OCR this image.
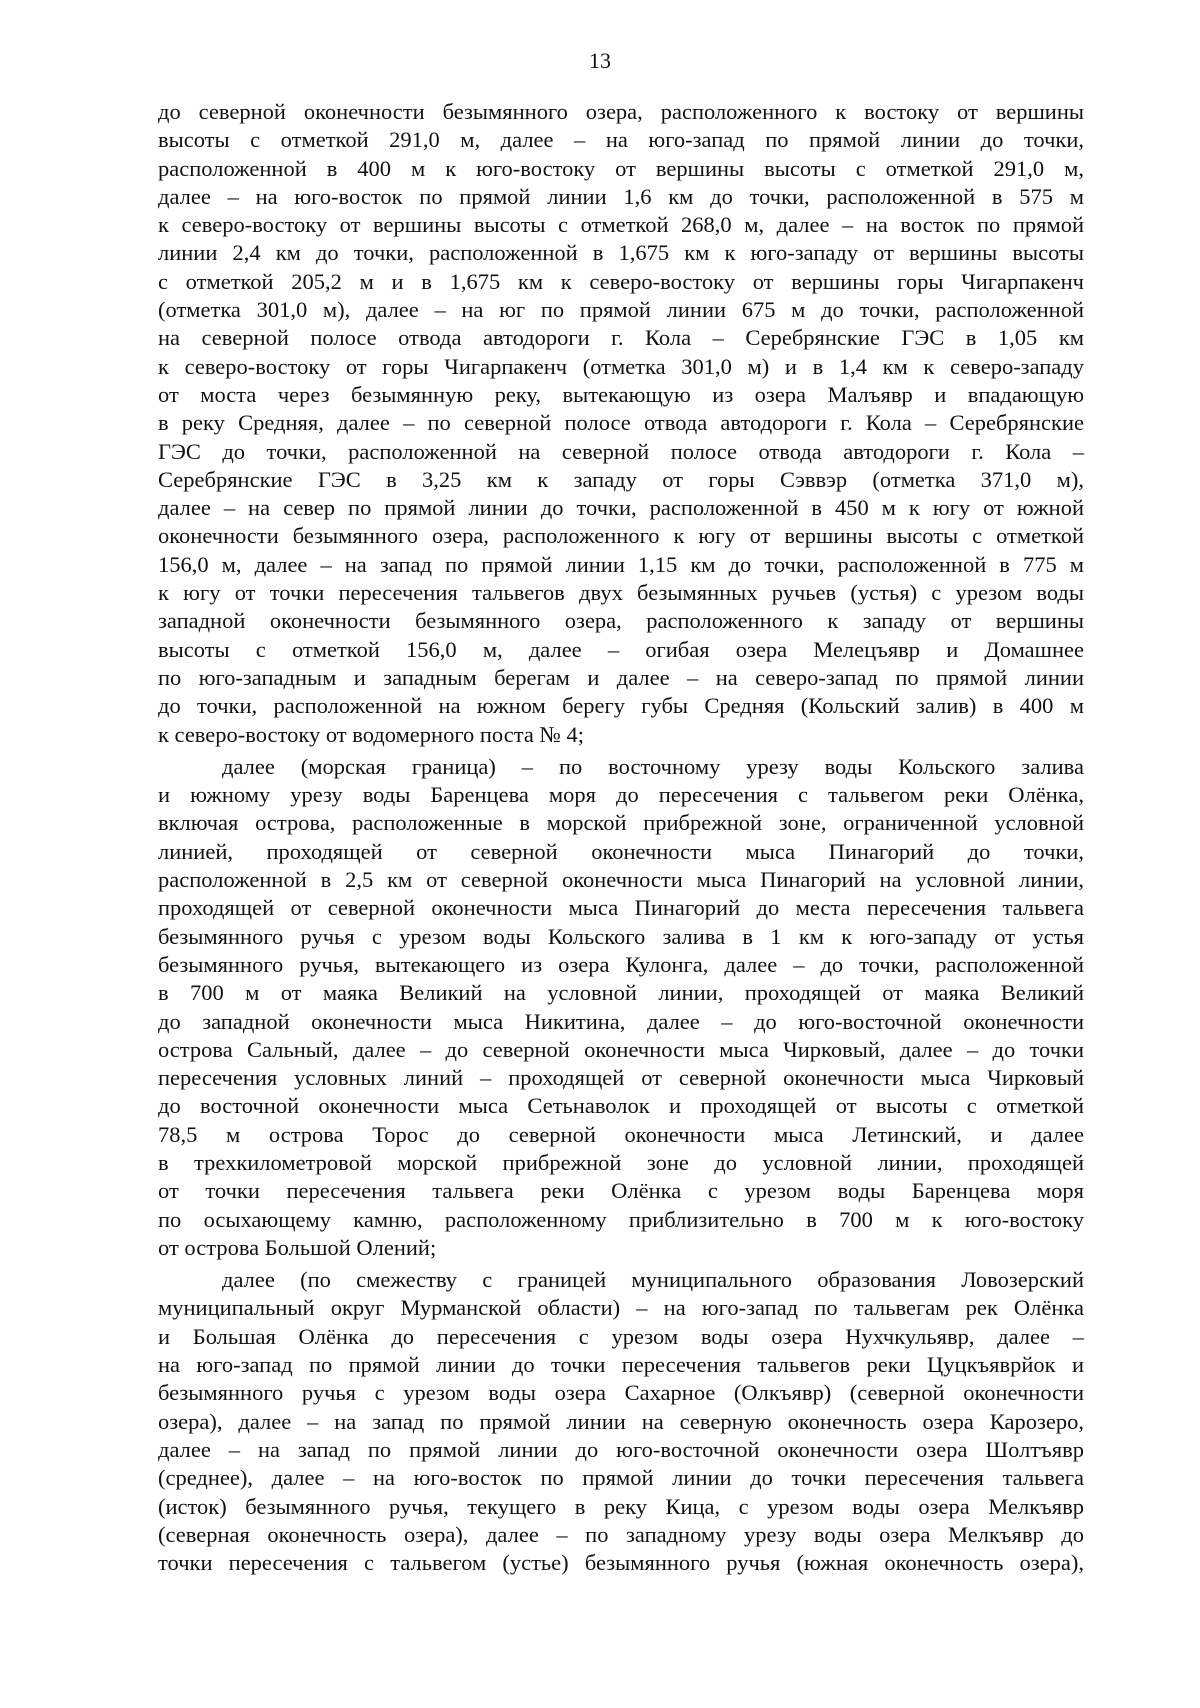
13
до северной оконечности безымянного озера, расположенного к востоку от вершины
высоты с отметкой 291,0 м, далее – на юго-запад по прямой линии до точки,
расположенной в 400 м к юго-востоку от вершины высоты с отметкой 291,0 м,
далее – на юго-восток по прямой линии 1,6 км до точки, расположенной в 575 м
к северо-востоку от вершины высоты с отметкой 268,0 м, далее – на восток по прямой
линии 2,4 км до точки, расположенной в 1,675 км к юго-западу от вершины высоты
с отметкой 205,2 м и в 1,675 км к северо-востоку от вершины горы Чигарпакенч
(отметка 301,0 м), далее – на юг по прямой линии 675 м до точки, расположенной
на северной полосе отвода автодороги г. Кола – Серебрянские ГЭС в 1,05 км
к северо-востоку от горы Чигарпакенч (отметка 301,0 м) и в 1,4 км к северо-западу
от моста через безымянную реку, вытекающую из озера Малъявр и впадающую
в реку Средняя, далее – по северной полосе отвода автодороги г. Кола – Серебрянские
ГЭС до точки, расположенной на северной полосе отвода автодороги г. Кола –
Серебрянские ГЭС в 3,25 км к западу от горы Сэввэр (отметка 371,0 м),
далее – на север по прямой линии до точки, расположенной в 450 м к югу от южной
оконечности безымянного озера, расположенного к югу от вершины высоты с отметкой
156,0 м, далее – на запад по прямой линии 1,15 км до точки, расположенной в 775 м
к югу от точки пересечения тальвегов двух безымянных ручьев (устья) с урезом воды
западной оконечности безымянного озера, расположенного к западу от вершины
высоты с отметкой 156,0 м, далее – огибая озера Мелецъявр и Домашнее
по юго-западным и западным берегам и далее – на северо-запад по прямой линии
до точки, расположенной на южном берегу губы Средняя (Кольский залив) в 400 м
к северо-востоку от водомерного поста № 4;
далее (морская граница) – по восточному урезу воды Кольского залива
и южному урезу воды Баренцева моря до пересечения с тальвегом реки Олёнка,
включая острова, расположенные в морской прибрежной зоне, ограниченной условной
линией, проходящей от северной оконечности мыса Пинагорий до точки,
расположенной в 2,5 км от северной оконечности мыса Пинагорий на условной линии,
проходящей от северной оконечности мыса Пинагорий до места пересечения тальвега
безымянного ручья с урезом воды Кольского залива в 1 км к юго-западу от устья
безымянного ручья, вытекающего из озера Кулонга, далее – до точки, расположенной
в 700 м от маяка Великий на условной линии, проходящей от маяка Великий
до западной оконечности мыса Никитина, далее – до юго-восточной оконечности
острова Сальный, далее – до северной оконечности мыса Чирковый, далее – до точки
пересечения условных линий – проходящей от северной оконечности мыса Чирковый
до восточной оконечности мыса Сетьнаволок и проходящей от высоты с отметкой
78,5 м острова Торос до северной оконечности мыса Летинский, и далее
в трехкилометровой морской прибрежной зоне до условной линии, проходящей
от точки пересечения тальвега реки Олёнка с урезом воды Баренцева моря
по осыхающему камню, расположенному приблизительно в 700 м к юго-востоку
от острова Большой Олений;
далее (по смежеству с границей муниципального образования Ловозерский
муниципальный округ Мурманской области) – на юго-запад по тальвегам рек Олёнка
и Большая Олёнка до пересечения с урезом воды озера Нухчкульявр, далее –
на юго-запад по прямой линии до точки пересечения тальвегов реки Цуцкъяврйок и
безымянного ручья с урезом воды озера Сахарное (Олкъявр) (северной оконечности
озера), далее – на запад по прямой линии на северную оконечность озера Карозеро,
далее – на запад по прямой линии до юго-восточной оконечности озера Шолтъявр
(среднее), далее – на юго-восток по прямой линии до точки пересечения тальвега
(исток) безымянного ручья, текущего в реку Кица, с урезом воды озера Мелкъявр
(северная оконечность озера), далее – по западному урезу воды озера Мелкъявр до
точки пересечения с тальвегом (устье) безымянного ручья (южная оконечность озера),
